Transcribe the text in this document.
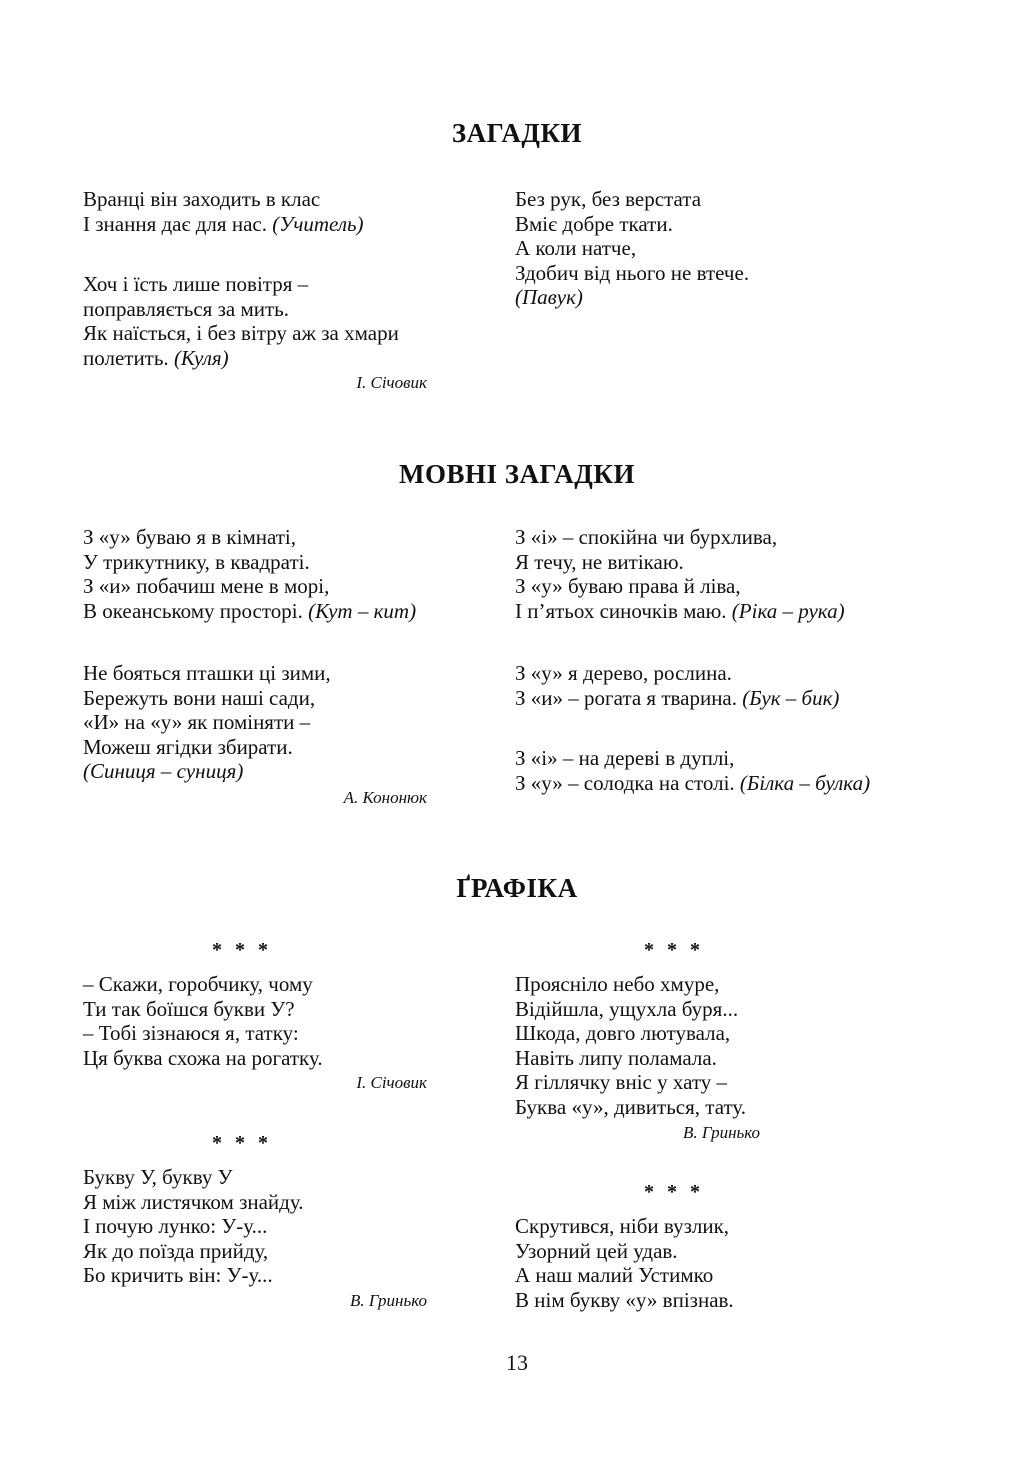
ЗАГАДКИ
Вранці він заходить в клас
І знання дає для нас. (Учитель)
Хоч і їсть лише повітря –
поправляється за мить.
Як наїсться, і без вітру аж за хмари
полетить. (Куля)
І. Січовик
Без рук, без верстата
Вміє добре ткати.
А коли натче,
Здобич від нього не втече.
(Павук)
МОВНІ ЗАГАДКИ
З «у» буваю я в кімнаті,
У трикутнику, в квадраті.
З «и» побачиш мене в морі,
В океанському просторі. (Кут – кит)
Не бояться пташки ці зими,
Бережуть вони наші сади,
«И» на «у» як поміняти –
Можеш ягідки збирати.
(Синиця – суниця)
А. Кононюк
З «і» – спокійна чи бурхлива,
Я течу, не витікаю.
З «у» буваю права й ліва,
І п’ятьох синочків маю. (Ріка – рука)
З «у» я дерево, рослина.
З «и» – рогата я тварина. (Бук – бик)
З «і» – на дереві в дуплі,
З «у» – солодка на столі. (Білка – булка)
ҐРАФІКА
* * *
– Скажи, горобчику, чому
Ти так боїшся букви У?
– Тобі зізнаюся я, татку:
Ця буква схожа на рогатку.
І. Січовик
* * *
Букву У, букву У
Я між листячком знайду.
І почую лунко: У-у...
Як до поїзда прийду,
Бо кричить він: У-у...
В. Гринько
* * *
Прояснiло небо хмуре,
Вiдiйшла, ущухла буря...
Шкода, довго лютувала,
Навiть липу поламала.
Я гiллячку вніс у хату –
Буква «у», дивиться, тату.
В. Гринько
* * *
Скрутився, нiби вузлик,
Узорний цей удав.
А наш малий Устимко
В нiм букву «у» впiзнав.
13
